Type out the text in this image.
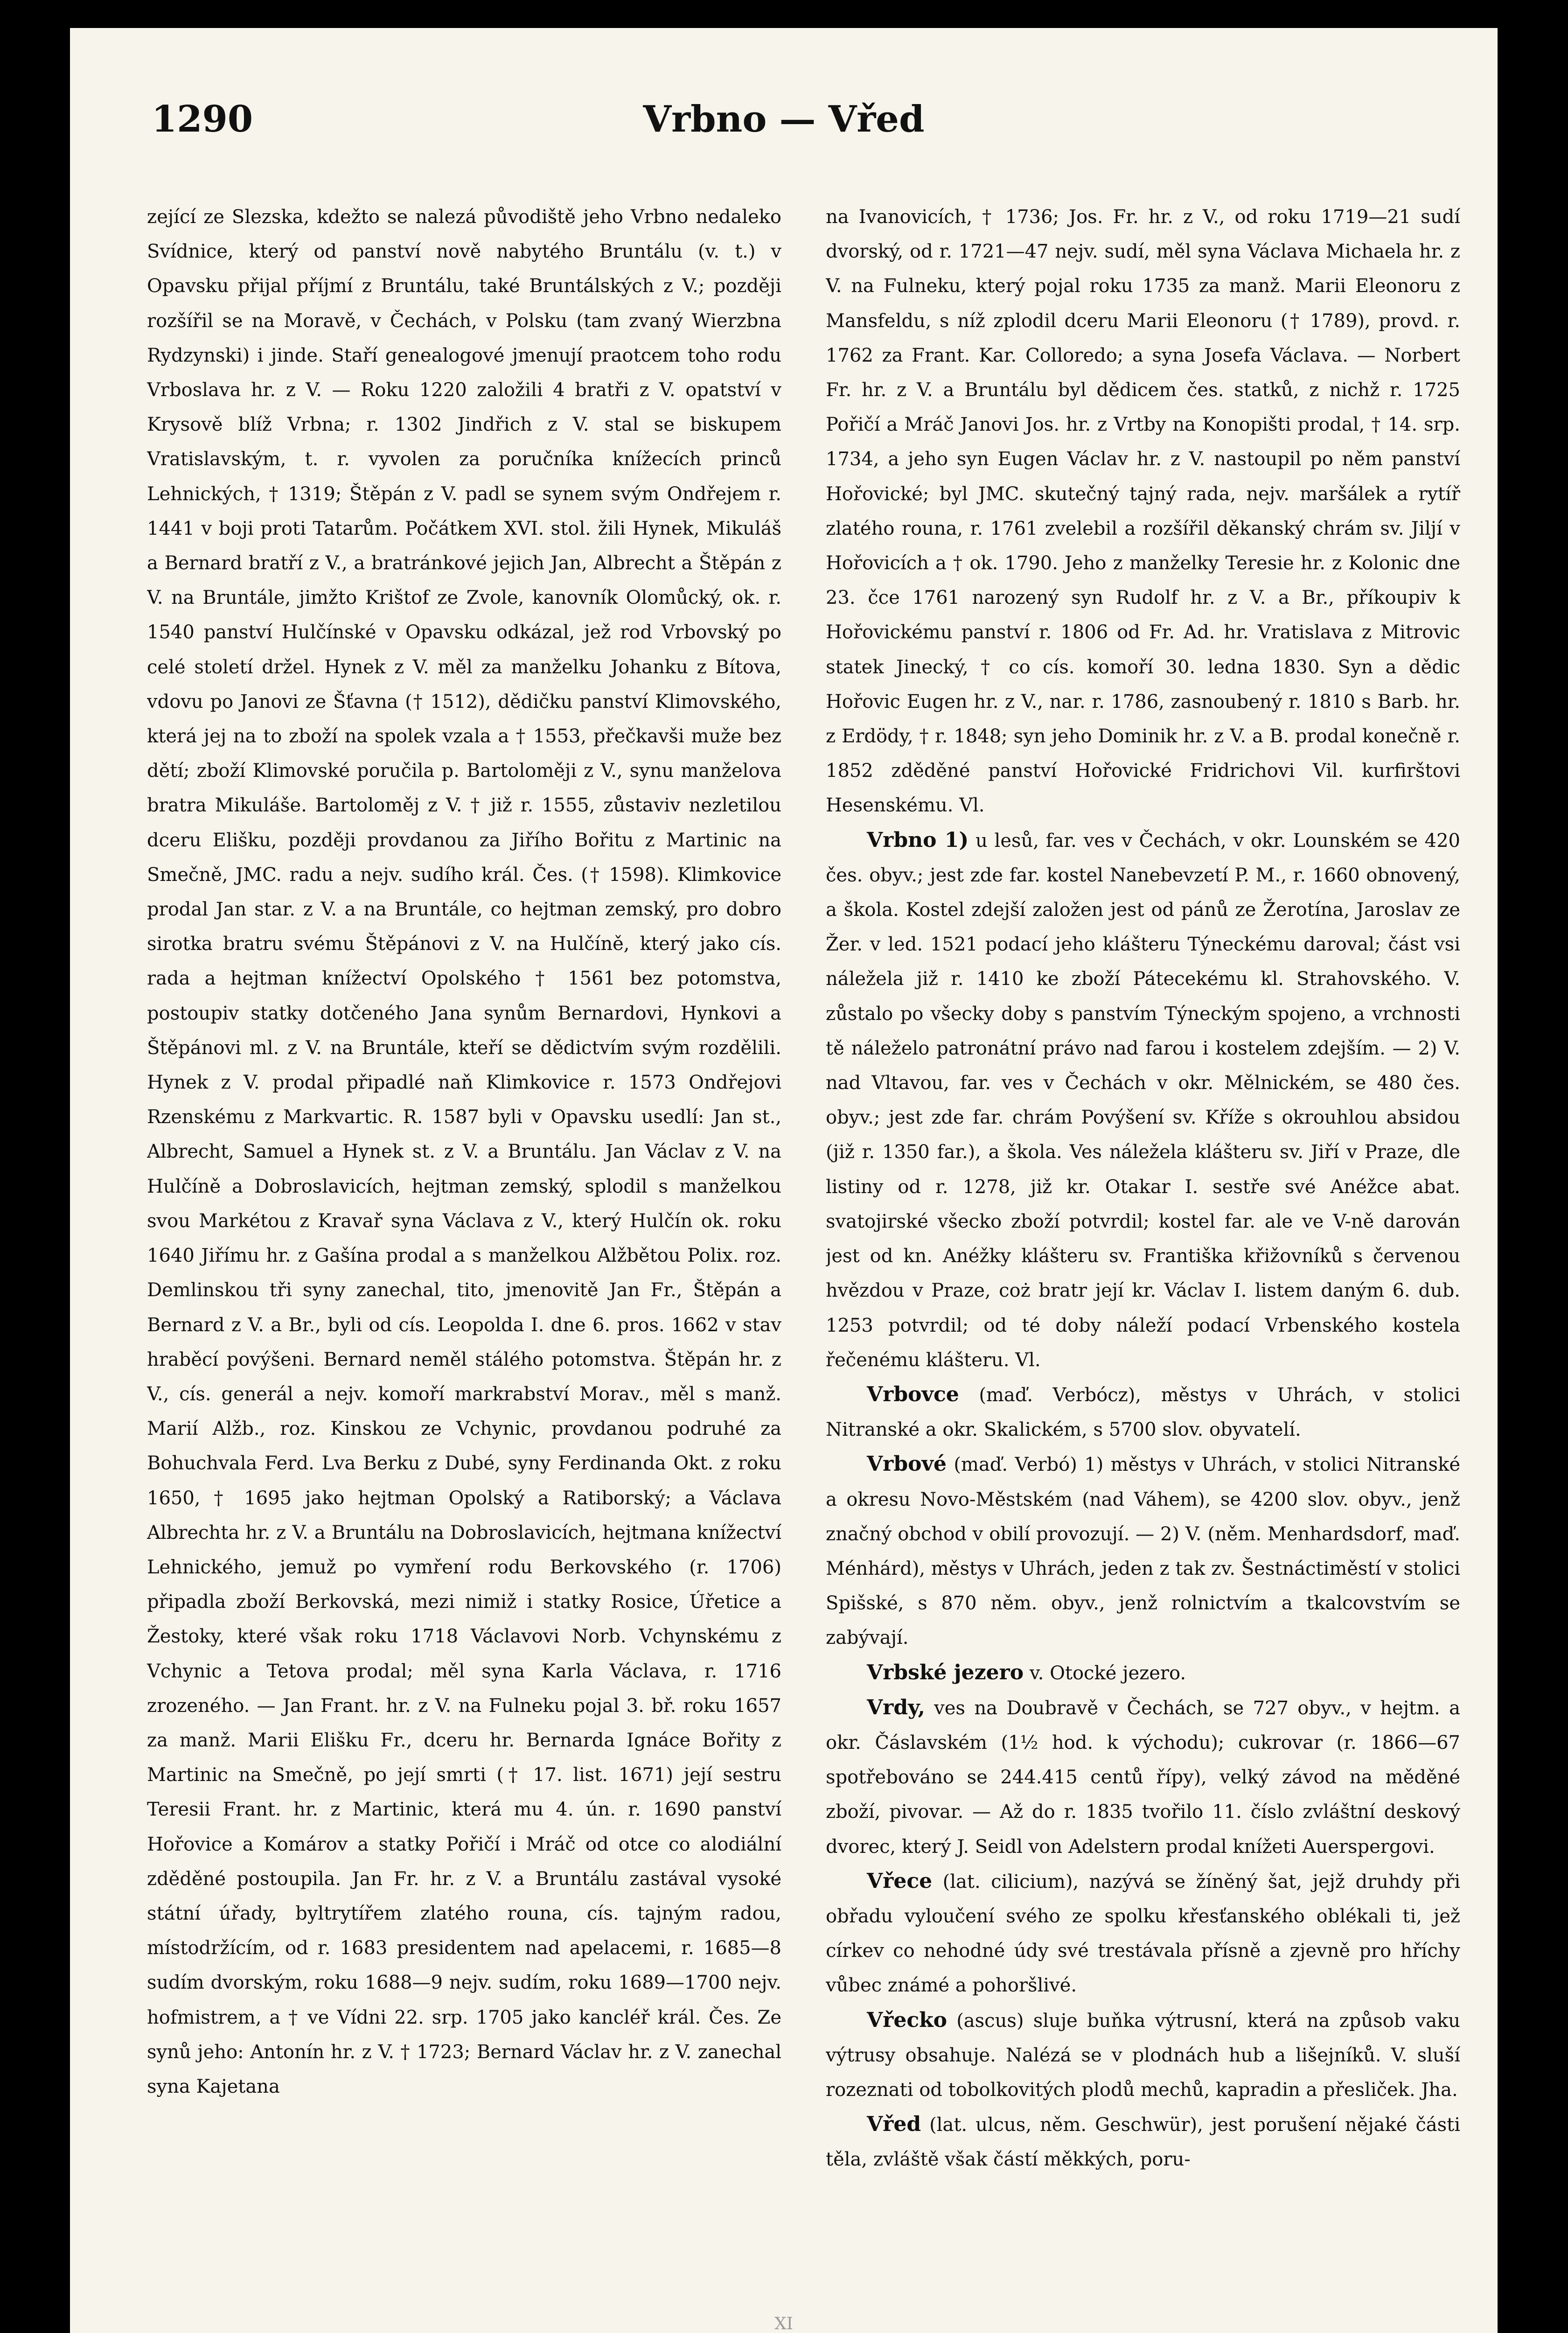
1290	Vrbno — Vřed

zející ze Slezska, kdežto se nalezá původiště jeho Vrbno nedaleko Svídnice, který od panství nově nabytého Bruntálu (v. t.) v Opavsku přijal příjmí z Bruntálu, také Bruntálských z V.; později rozšířil se na Moravě, v Čechách, v Polsku (tam zvaný Wierzbna Rydzynski) i jinde. Staří genealogové jmenují praotcem toho rodu Vrboslava hr. z V. — Roku 1220 založili 4 bratři z V. opatství v Krysově blíž Vrbna; r. 1302 Jindřich z V. stal se biskupem Vratislavským, t. r. vyvolen za poručníka knížecích princů Lehnických, † 1319; Štěpán z V. padl se synem svým Ondřejem r. 1441 v boji proti Tatarům. Počátkem XVI. stol. žili Hynek, Mikuláš a Bernard bratří z V., a bratránkové jejich Jan, Albrecht a Štěpán z V. na Bruntále, jimžto Krištof ze Zvole, kanovník Olomůcký, ok. r. 1540 panství Hulčínské v Opavsku odkázal, jež rod Vrbovský po celé století držel. Hynek z V. měl za manželku Johanku z Bítova, vdovu po Janovi ze Šťavna († 1512), dědičku panství Klimovského, která jej na to zboží na spolek vzala a † 1553, přečkavši muže bez dětí; zboží Klimovské poručila p. Bartoloměji z V., synu manželova bratra Mikuláše. Bartoloměj z V. † již r. 1555, zůstaviv nezletilou dceru Elišku, později provdanou za Jiřího Bořitu z Martinic na Smečně, JMC. radu a nejv. sudího král. Čes. († 1598). Klimkovice prodal Jan star. z V. a na Bruntále, co hejtman zemský, pro dobro sirotka bratru svému Štěpánovi z V. na Hulčíně, který jako cís. rada a hejtman knížectví Opolského † 1561 bez potomstva, postoupiv statky dotčeného Jana synům Bernardovi, Hynkovi a Štěpánovi ml. z V. na Bruntále, kteří se dědictvím svým rozdělili. Hynek z V. prodal připadlé naň Klimkovice r. 1573 Ondřejovi Rzenskému z Markvartic. R. 1587 byli v Opavsku usedlí: Jan st., Albrecht, Samuel a Hynek st. z V. a Bruntálu. Jan Václav z V. na Hulčíně a Dobroslavicích, hejtman zemský, splodil s manželkou svou Markétou z Kravař syna Václava z V., který Hulčín ok. roku 1640 Jiřímu hr. z Gašína prodal a s manželkou Alžbětou Polix. roz. Demlinskou tři syny zanechal, tito, jmenovitě Jan Fr., Štěpán a Bernard z V. a Br., byli od cís. Leopolda I. dne 6. pros. 1662 v stav hraběcí povýšeni. Bernard neměl stálého potomstva. Štěpán hr. z V., cís. generál a nejv. komoří markrabství Morav., měl s manž. Marií Alžb., roz. Kinskou ze Vchynic, provdanou podruhé za Bohuchvala Ferd. Lva Berku z Dubé, syny Ferdinanda Okt. z roku 1650, † 1695 jako hejtman Opolský a Ratiborský; a Václava Albrechta hr. z V. a Bruntálu na Dobroslavicích, hejtmana knížectví Lehnického, jemuž po vymření rodu Berkovského (r. 1706) připadla zboží Berkovská, mezi nimiž i statky Rosice, Úřetice a Žestoky, které však roku 1718 Václavovi Norb. Vchynskému z Vchynic a Tetova prodal; měl syna Karla Václava, r. 1716 zrozeného. — Jan Frant. hr. z V. na Fulneku pojal 3. bř. roku 1657 za manž. Marii Elišku Fr., dceru hr. Bernarda Ignáce Bořity z Martinic na Smečně, po její smrti († 17. list. 1671) její sestru Teresii Frant. hr. z Martinic, která mu 4. ún. r. 1690 panství Hořovice a Komárov a statky Pořičí i Mráč od otce co alodiální zděděné postoupila. Jan Fr. hr. z V. a Bruntálu zastával vysoké státní úřady, byltrytířem zlatého rouna, cís. tajným radou, místodržícím, od r. 1683 presidentem nad apelacemi, r. 1685—8 sudím dvorským, roku 1688—9 nejv. sudím, roku 1689—1700 nejv. hofmistrem, a † ve Vídni 22. srp. 1705 jako kancléř král. Čes. Ze synů jeho: Antonín hr. z V. † 1723; Bernard Václav hr. z V. zanechal syna Kajetana

na Ivanovicích, † 1736; Jos. Fr. hr. z V., od roku 1719—21 sudí dvorský, od r. 1721—47 nejv. sudí, měl syna Václava Michaela hr. z V. na Fulneku, který pojal roku 1735 za manž. Marii Eleonoru z Mansfeldu, s níž zplodil dceru Marii Eleonoru († 1789), provd. r. 1762 za Frant. Kar. Colloredo; a syna Josefa Václava. — Norbert Fr. hr. z V. a Bruntálu byl dědicem čes. statků, z nichž r. 1725 Pořičí a Mráč Janovi Jos. hr. z Vrtby na Konopišti prodal, † 14. srp. 1734, a jeho syn Eugen Václav hr. z V. nastoupil po něm panství Hořovické; byl JMC. skutečný tajný rada, nejv. maršálek a rytíř zlatého rouna, r. 1761 zvelebil a rozšířil děkanský chrám sv. Jiljí v Hořovicích a † ok. 1790. Jeho z manželky Teresie hr. z Kolonic dne 23. čce 1761 narozený syn Rudolf hr. z V. a Br., příkoupiv k Hořovickému panství r. 1806 od Fr. Ad. hr. Vratislava z Mitrovic statek Jinecký, † co cís. komoří 30. ledna 1830. Syn a dědic Hořovic Eugen hr. z V., nar. r. 1786, zasnoubený r. 1810 s Barb. hr. z Erdödy, † r. 1848; syn jeho Dominik hr. z V. a B. prodal konečně r. 1852 zděděné panství Hořovické Fridrichovi Vil. kurfirštovi Hesenskému. Vl.

Vrbno 1) u lesů, far. ves v Čechách, v okr. Lounském se 420 čes. obyv.; jest zde far. kostel Nanebevzetí P. M., r. 1660 obnovený, a škola. Kostel zdejší založen jest od pánů ze Žerotína, Jaroslav ze Žer. v led. 1521 podací jeho klášteru Týneckému daroval; část vsi náležela již r. 1410 ke zboží Pátecekému kl. Strahovského. V. zůstalo po všecky doby s panstvím Týneckým spojeno, a vrchnosti tě náleželo patronátní právo nad farou i kostelem zdejším. — 2) V. nad Vltavou, far. ves v Čechách v okr. Mělnickém, se 480 čes. obyv.; jest zde far. chrám Povýšení sv. Kříže s okrouhlou absidou (již r. 1350 far.), a škola. Ves náležela klášteru sv. Jiří v Praze, dle listiny od r. 1278, již kr. Otakar I. sestře své Anéžce abat. svatojirské všecko zboží potvrdil; kostel far. ale ve V-ně darován jest od kn. Anéžky klášteru sv. Františka křižovníků s červenou hvězdou v Praze, coż bratr její kr. Václav I. listem daným 6. dub. 1253 potvrdil; od té doby náleží podací Vrbenského kostela řečenému klášteru. Vl.

Vrbovce (maď. Verbócz), městys v Uhrách, v stolici Nitranské a okr. Skalickém, s 5700 slov. obyvatelí.

Vrbové (maď. Verbó) 1) městys v Uhrách, v stolici Nitranské a okresu Novo-Městském (nad Váhem), se 4200 slov. obyv., jenž značný obchod v obilí provozují. — 2) V. (něm. Menhardsdorf, maď. Ménhárd), městys v Uhrách, jeden z tak zv. Šestnáctiměstí v stolici Spišské, s 870 něm. obyv., jenž rolnictvím a tkalcovstvím se zabývají.

Vrbské jezero v. Otocké jezero.

Vrdy, ves na Doubravě v Čechách, se 727 obyv., v hejtm. a okr. Čáslavském (1½ hod. k východu); cukrovar (r. 1866—67 spotřebováno se 244.415 centů řípy), velký závod na měděné zboží, pivovar. — Až do r. 1835 tvořilo 11. číslo zvláštní deskový dvorec, který J. Seidl von Adelstern prodal knížeti Auerspergovi.

Vřece (lat. cilicium), nazývá se žíněný šat, jejž druhdy při obřadu vyloučení svého ze spolku křesťanského oblékali ti, jež církev co nehodné údy své trestávala přísně a zjevně pro hříchy vůbec známé a pohoršlivé.

Vřecko (ascus) sluje buňka výtrusní, která na způsob vaku výtrusy obsahuje. Nalézá se v plodnách hub a lišejníků. V. sluší rozeznati od tobolkovitých plodů mechů, kapradin a přesliček. Jha.

Vřed (lat. ulcus, něm. Geschwür), jest porušení nějaké části těla, zvláště však částí měkkých, poru-

XI
